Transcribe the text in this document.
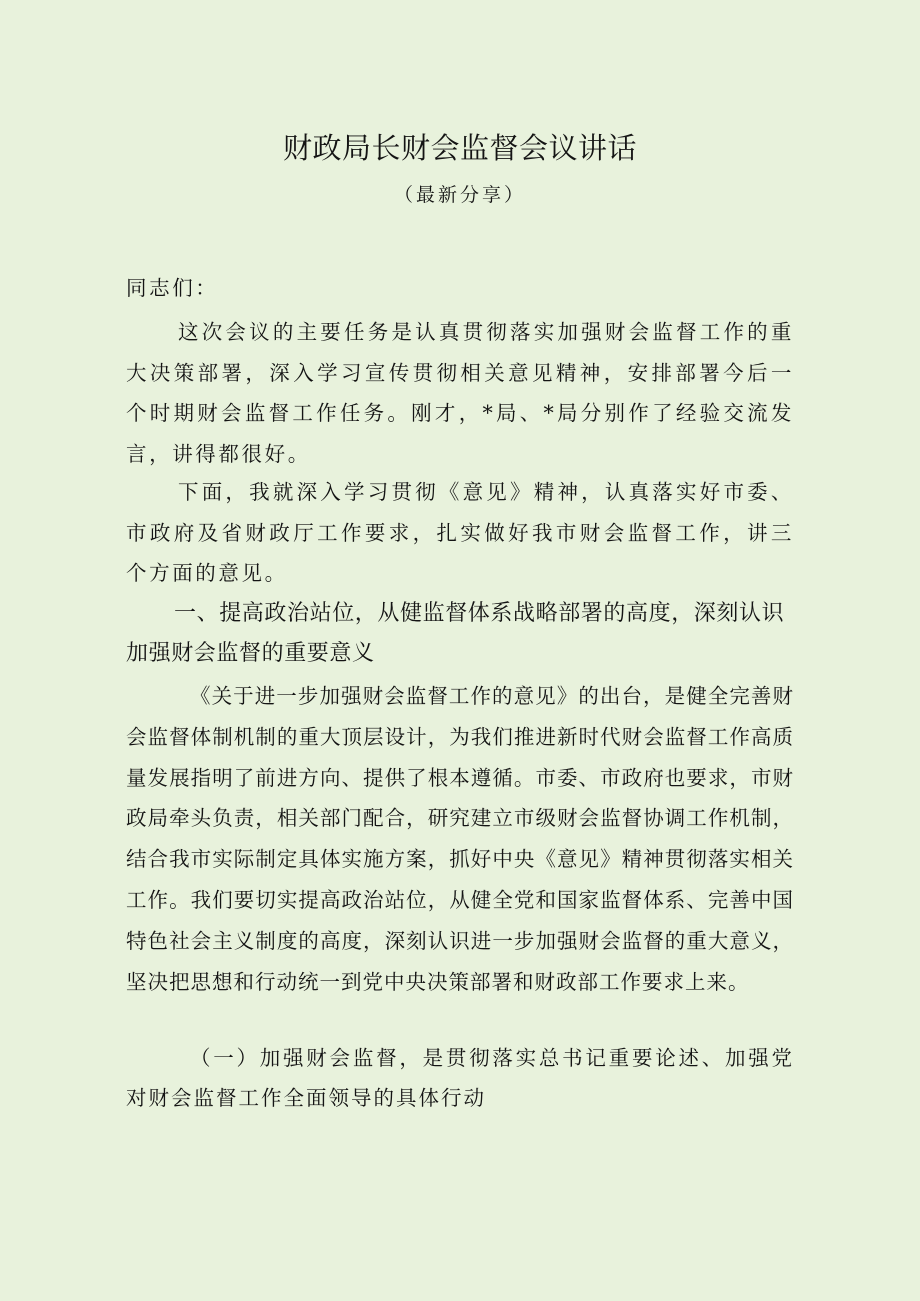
财政局长财会监督会议讲话
（最新分享）

同志们：

这次会议的主要任务是认真贯彻落实加强财会监督工作的重大决策部署，深入学习宣传贯彻相关意见精神，安排部署今后一个时期财会监督工作任务。刚才，*局、*局分别作了经验交流发言，讲得都很好。

下面，我就深入学习贯彻《意见》精神，认真落实好市委、市政府及省财政厅工作要求，扎实做好我市财会监督工作，讲三个方面的意见。

一、提高政治站位，从健监督体系战略部署的高度，深刻认识加强财会监督的重要意义

《关于进一步加强财会监督工作的意见》的出台，是健全完善财会监督体制机制的重大顶层设计，为我们推进新时代财会监督工作高质量发展指明了前进方向、提供了根本遵循。市委、市政府也要求，市财政局牵头负责，相关部门配合，研究建立市级财会监督协调工作机制，结合我市实际制定具体实施方案，抓好中央《意见》精神贯彻落实相关工作。我们要切实提高政治站位，从健全党和国家监督体系、完善中国特色社会主义制度的高度，深刻认识进一步加强财会监督的重大意义，坚决把思想和行动统一到党中央决策部署和财政部工作要求上来。

（一）加强财会监督，是贯彻落实总书记重要论述、加强党对财会监督工作全面领导的具体行动
